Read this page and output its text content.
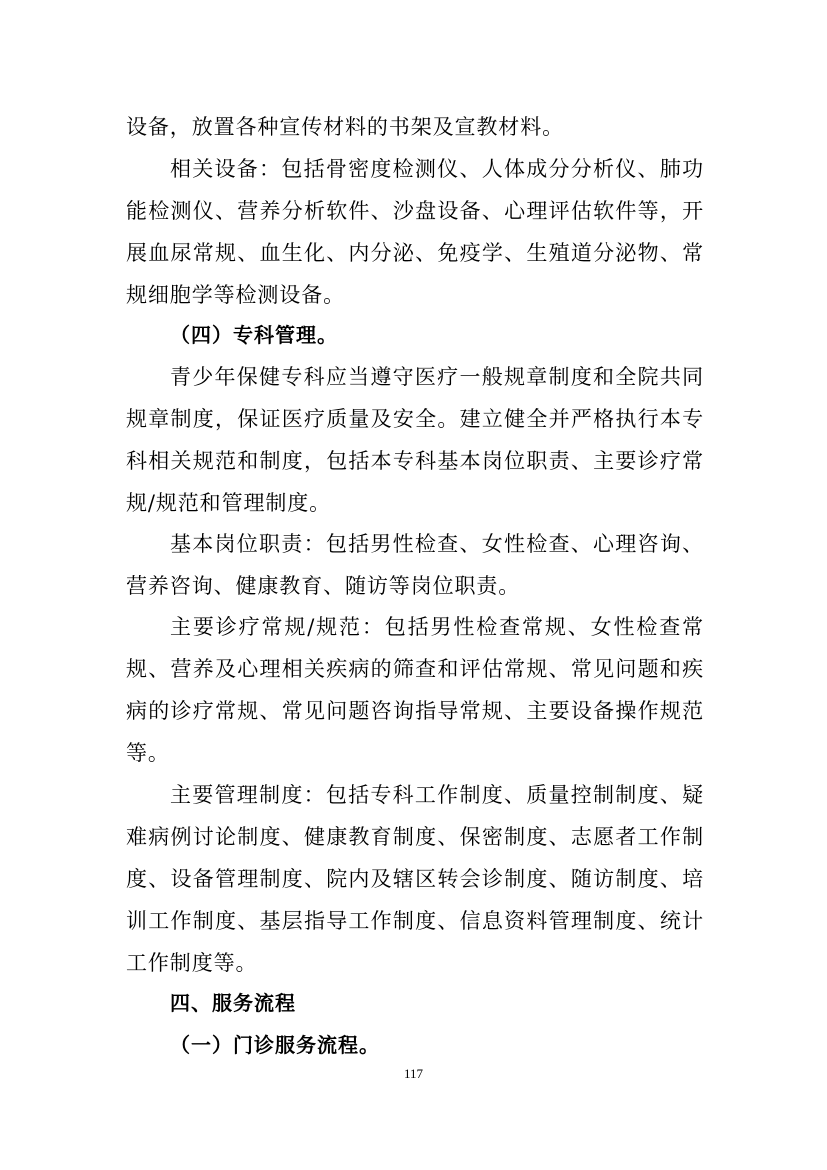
设备，放置各种宣传材料的书架及宣教材料。

相关设备：包括骨密度检测仪、人体成分分析仪、肺功能检测仪、营养分析软件、沙盘设备、心理评估软件等，开展血尿常规、血生化、内分泌、免疫学、生殖道分泌物、常规细胞学等检测设备。

（四）专科管理。

青少年保健专科应当遵守医疗一般规章制度和全院共同规章制度，保证医疗质量及安全。建立健全并严格执行本专科相关规范和制度，包括本专科基本岗位职责、主要诊疗常规/规范和管理制度。

基本岗位职责：包括男性检查、女性检查、心理咨询、营养咨询、健康教育、随访等岗位职责。

主要诊疗常规/规范：包括男性检查常规、女性检查常规、营养及心理相关疾病的筛查和评估常规、常见问题和疾病的诊疗常规、常见问题咨询指导常规、主要设备操作规范等。

主要管理制度：包括专科工作制度、质量控制制度、疑难病例讨论制度、健康教育制度、保密制度、志愿者工作制度、设备管理制度、院内及辖区转会诊制度、随访制度、培训工作制度、基层指导工作制度、信息资料管理制度、统计工作制度等。

四、服务流程

（一）门诊服务流程。

117
